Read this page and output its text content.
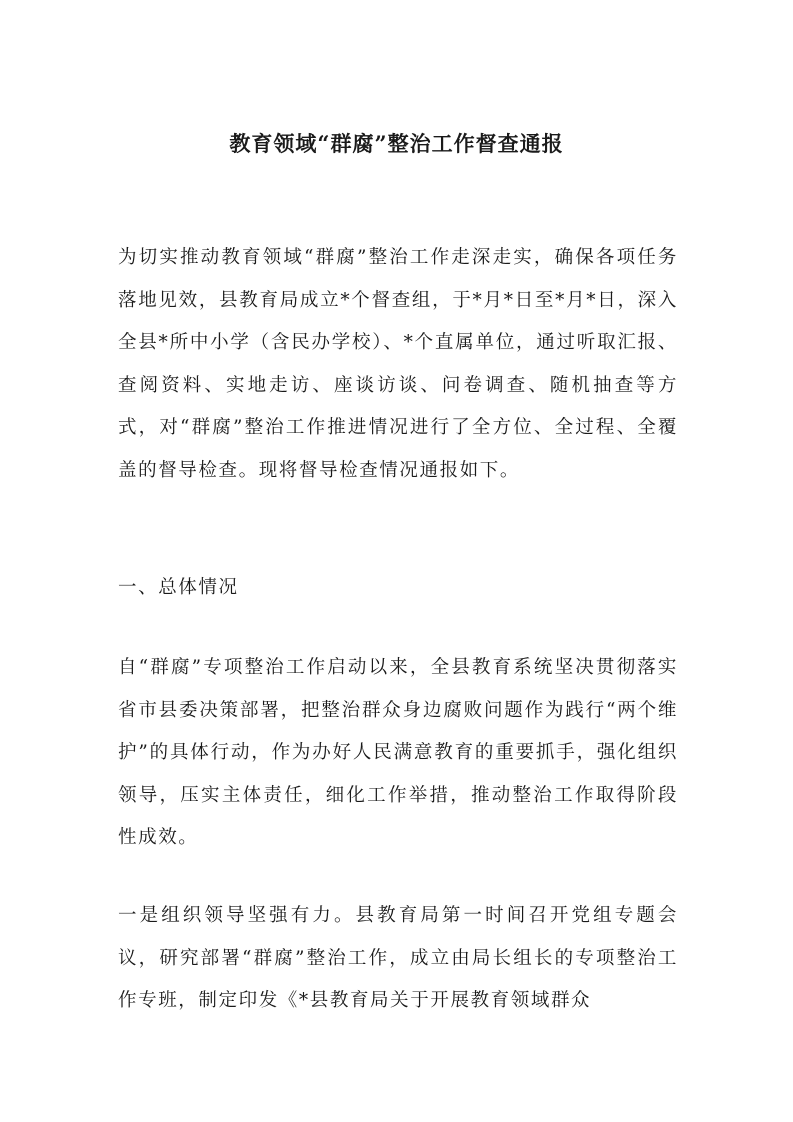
教育领域“群腐”整治工作督查通报

为切实推动教育领域“群腐”整治工作走深走实，确保各项任务落地见效，县教育局成立*个督查组，于*月*日至*月*日，深入全县*所中小学（含民办学校）、*个直属单位，通过听取汇报、查阅资料、实地走访、座谈访谈、问卷调查、随机抽查等方式，对“群腐”整治工作推进情况进行了全方位、全过程、全覆盖的督导检查。现将督导检查情况通报如下。

一、总体情况

自“群腐”专项整治工作启动以来，全县教育系统坚决贯彻落实省市县委决策部署，把整治群众身边腐败问题作为践行“两个维护”的具体行动，作为办好人民满意教育的重要抓手，强化组织领导，压实主体责任，细化工作举措，推动整治工作取得阶段性成效。

一是组织领导坚强有力。县教育局第一时间召开党组专题会议，研究部署“群腐”整治工作，成立由局长组长的专项整治工作专班，制定印发《*县教育局关于开展教育领域群众
